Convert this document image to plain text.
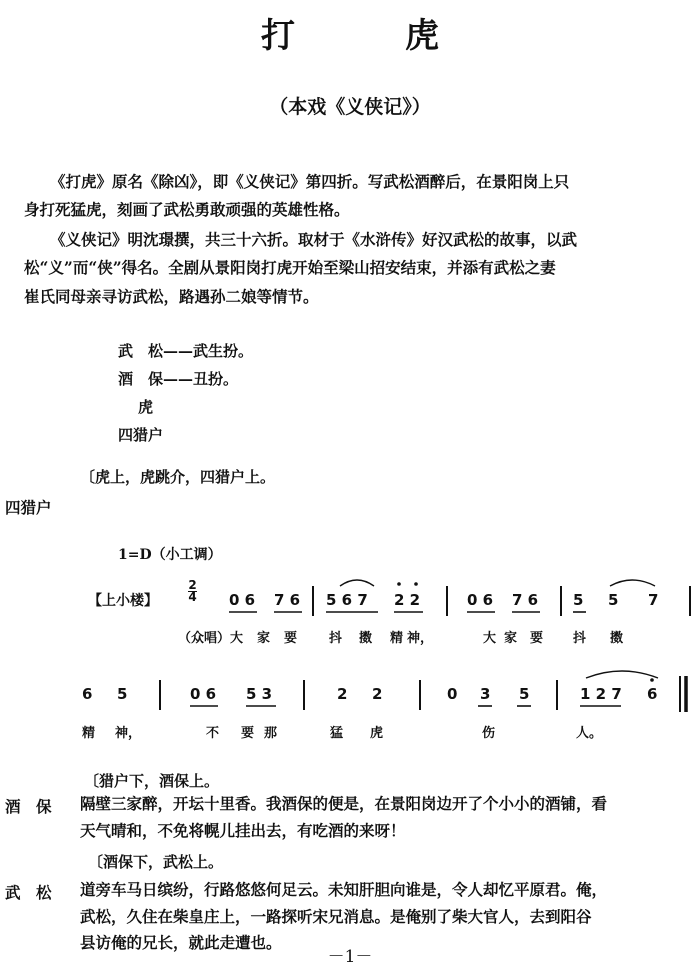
打　虎
（本戏《义侠记》）
《打虎》原名《除凶》，即《义侠记》第四折。写武松酒醉后，在景阳岗上只
身打死猛虎，刻画了武松勇敢顽强的英雄性格。
《义侠记》明沈璟撰，共三十六折。取材于《水浒传》好汉武松的故事，以武
松“义”而“侠”得名。全剧从景阳岗打虎开始至梁山招安结束，并添有武松之妻
崔氏同母亲寻访武松，路遇孙二娘等情节。
武　松——武生扮。
酒　保——丑扮。
虎
四猎户
〔虎上，虎跳介，四猎户上。
四猎户
1=D（小工调）
【上小楼】
2
4 0 6 7 6 5 6 7 2 2	0 6 7 6 5 5 7
（众唱）大 家 要 抖 擞 精 神，	大 家 要 抖 擞
6 5	0 6 5 3	2 2	0 3 5	1 2 7 6
精 神，	不 要 那	猛 虎	伤	人。
〔猎户下，酒保上。
酒　保 隔壁三家醉，开坛十里香。我酒保的便是，在景阳岗边开了个小小的酒铺，看
天气晴和，不免将幌儿挂出去，有吃酒的来呀！
〔酒保下，武松上。
武　松 道旁车马日缤纷，行路悠悠何足云。未知肝胆向谁是，令人却忆平原君。俺，
武松，久住在柴皇庄上，一路探听宋兄消息。是俺别了柴大官人，去到阳谷
县访俺的兄长，就此走遭也。
－1－
